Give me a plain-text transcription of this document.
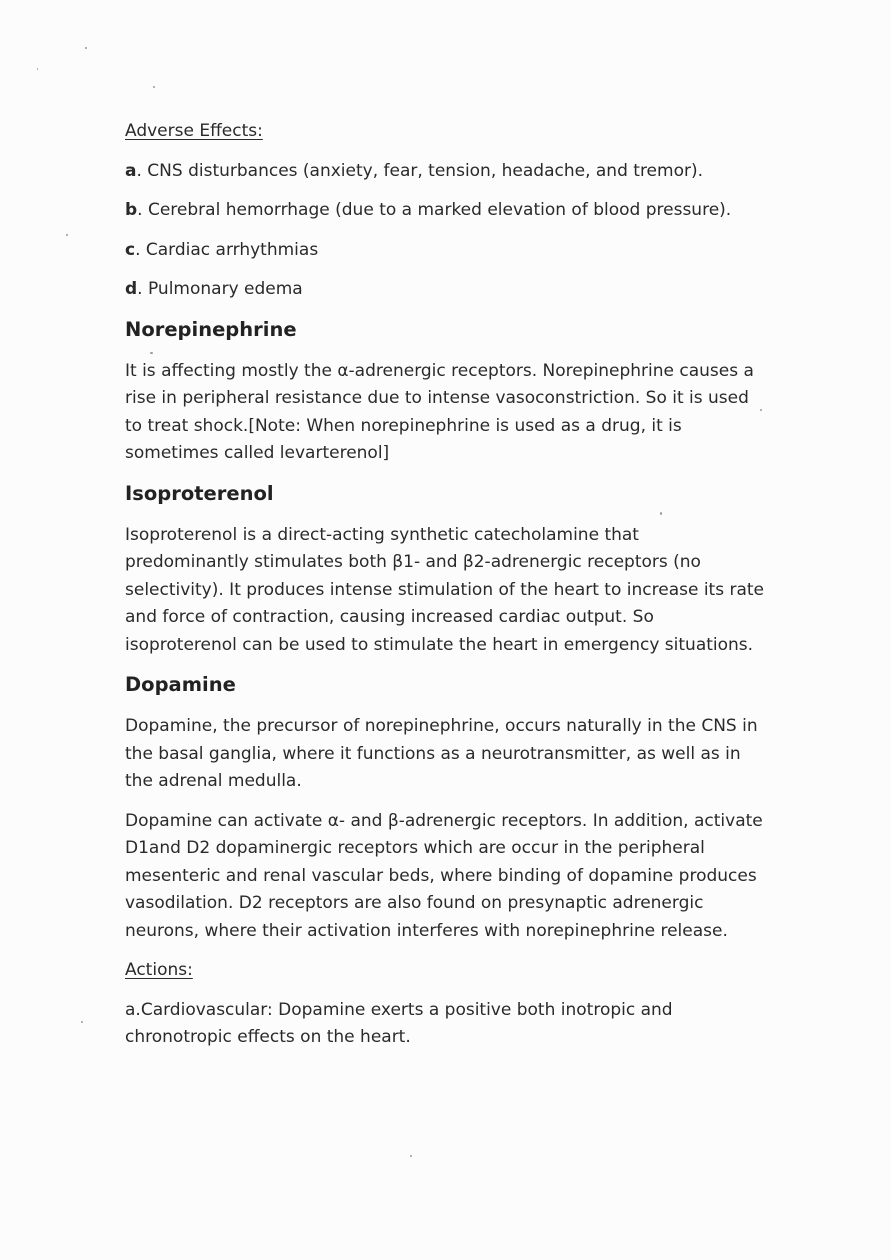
Adverse Effects:
a. CNS disturbances (anxiety, fear, tension, headache, and tremor).
b. Cerebral hemorrhage (due to a marked elevation of blood pressure).
c. Cardiac arrhythmias
d. Pulmonary edema
Norepinephrine

It is affecting mostly the α-adrenergic receptors. Norepinephrine causes a rise in peripheral resistance due to intense vasoconstriction. So it is used to treat shock.[Note: When norepinephrine is used as a drug, it is sometimes called levarterenol]

Isoproterenol

Isoproterenol is a direct-acting synthetic catecholamine that predominantly stimulates both β1- and β2-adrenergic receptors (no selectivity). It produces intense stimulation of the heart to increase its rate and force of contraction, causing increased cardiac output. So isoproterenol can be used to stimulate the heart in emergency situations.

Dopamine

Dopamine, the precursor of norepinephrine, occurs naturally in the CNS in the basal ganglia, where it functions as a neurotransmitter, as well as in the adrenal medulla.

Dopamine can activate α- and β-adrenergic receptors. In addition, activate D1and D2 dopaminergic receptors which are occur in the peripheral mesenteric and renal vascular beds, where binding of dopamine produces vasodilation. D2 receptors are also found on presynaptic adrenergic neurons, where their activation interferes with norepinephrine release.

Actions:

a.Cardiovascular: Dopamine exerts a positive both inotropic and chronotropic effects on the heart.
